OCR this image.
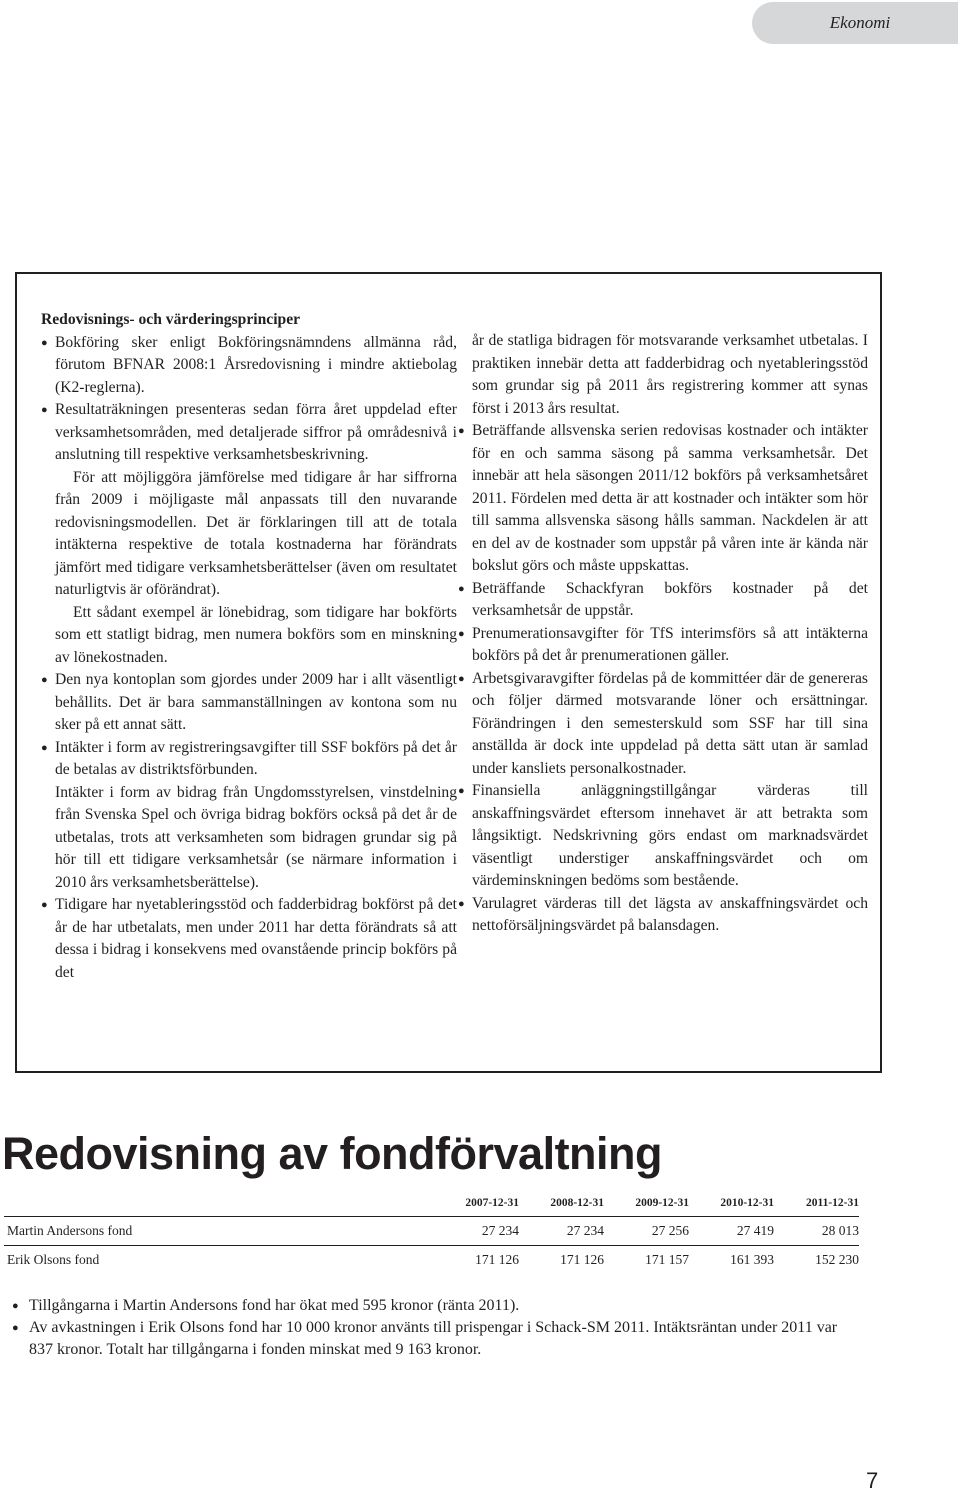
Ekonomi

Redovisnings- och värderingsprinciper

● Bokföring sker enligt Bokföringsnämndens allmänna råd, förutom BFNAR 2008:1 Årsredovisning i mindre aktiebolag (K2-reglerna).

● Resultaträkningen presenteras sedan förra året uppdelad efter verksamhetsområden, med detaljerade siffror på områdesnivå i anslutning till respektive verksamhetsbeskrivning.

För att möjliggöra jämförelse med tidigare år har siffrorna från 2009 i möjligaste mål anpassats till den nuvarande redovisningsmodellen. Det är förklaringen till att de totala intäkterna respektive de totala kostnaderna har förändrats jämfört med tidigare verksamhetsberättelser (även om resultatet naturligtvis är oförändrat).

Ett sådant exempel är lönebidrag, som tidigare har bokförts som ett statligt bidrag, men numera bokförs som en minskning av lönekostnaden.

● Den nya kontoplan som gjordes under 2009 har i allt väsentligt behållits. Det är bara sammanställningen av kontona som nu sker på ett annat sätt.

● Intäkter i form av registreringsavgifter till SSF bokförs på det år de betalas av distriktsförbunden.

Intäkter i form av bidrag från Ungdomsstyrelsen, vinstdelning från Svenska Spel och övriga bidrag bokförs också på det år de utbetalas, trots att verksamheten som bidragen grundar sig på hör till ett tidigare verksamhetsår (se närmare information i 2010 års verksamhetsberättelse).

● Tidigare har nyetableringsstöd och fadderbidrag bokförst på det år de har utbetalats, men under 2011 har detta förändrats så att dessa i bidrag i konsekvens med ovanstående princip bokförs på det

år de statliga bidragen för motsvarande verksamhet utbetalas. I praktiken innebär detta att fadderbidrag och nyetableringsstöd som grundar sig på 2011 års registrering kommer att synas först i 2013 års resultat.

● Beträffande allsvenska serien redovisas kostnader och intäkter för en och samma säsong på samma verksamhetsår. Det innebär att hela säsongen 2011/12 bokförs på verksamhetsåret 2011. Fördelen med detta är att kostnader och intäkter som hör till samma allsvenska säsong hålls samman. Nackdelen är att en del av de kostnader som uppstår på våren inte är kända när bokslut görs och måste uppskattas.

● Beträffande Schackfyran bokförs kostnader på det verksamhetsår de uppstår.

● Prenumerationsavgifter för TfS interimsförs så att intäkterna bokförs på det år prenumerationen gäller.

● Arbetsgivaravgifter fördelas på de kommittéer där de genereras och följer därmed motsvarande löner och ersättningar. Förändringen i den semesterskuld som SSF har till sina anställda är dock inte uppdelad på detta sätt utan är samlad under kansliets personalkostnader.

● Finansiella anläggningstillgångar värderas till anskaffningsvärdet eftersom innehavet är att betrakta som långsiktigt. Nedskrivning görs endast om marknadsvärdet väsentligt understiger anskaffningsvärdet och om värdeminskningen bedöms som bestående.

● Varulagret värderas till det lägsta av anskaffningsvärdet och nettoförsäljningsvärdet på balansdagen.

Redovisning av fondförvaltning
	2007-12-31	2008-12-31	2009-12-31	2010-12-31	2011-12-31
Martin Andersons fond	27 234	27 234	27 256	27 419	28 013
Erik Olsons fond	171 126	171 126	171 157	161 393	152 230

● Tillgångarna i Martin Andersons fond har ökat med 595 kronor (ränta 2011).

● Av avkastningen i Erik Olsons fond har 10 000 kronor använts till prispengar i Schack-SM 2011. Intäktsräntan under 2011 var 837 kronor. Totalt har tillgångarna i fonden minskat med 9 163 kronor.

7
